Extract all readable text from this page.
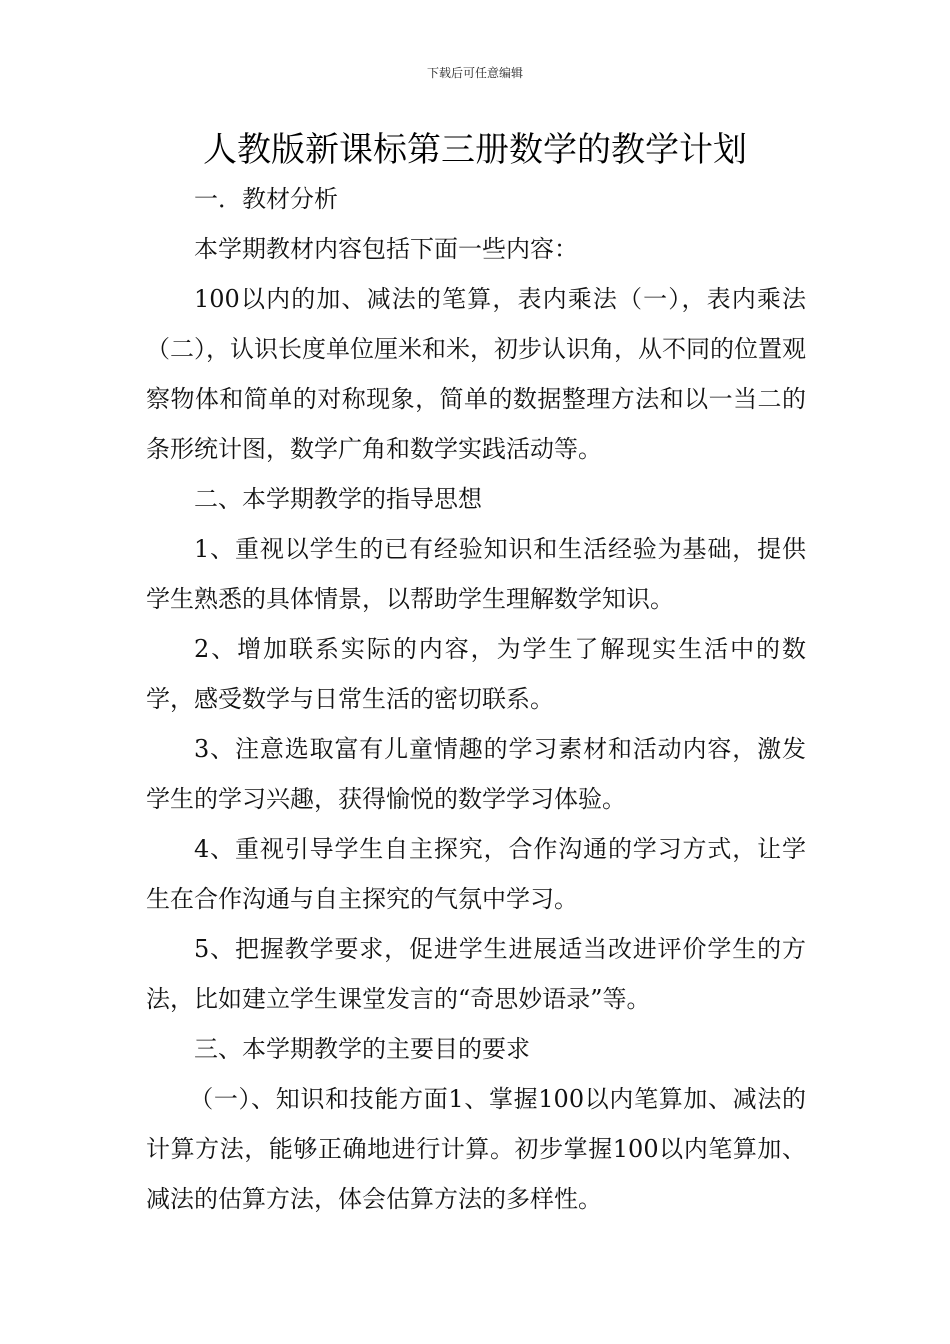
下载后可任意编辑
人教版新课标第三册数学的教学计划

一．教材分析

本学期教材内容包括下面一些内容：

100以内的加、减法的笔算，表内乘法（一），表内乘法（二），认识长度单位厘米和米，初步认识角，从不同的位置观察物体和简单的对称现象，简单的数据整理方法和以一当二的条形统计图，数学广角和数学实践活动等。

二、本学期教学的指导思想

1、重视以学生的已有经验知识和生活经验为基础，提供学生熟悉的具体情景，以帮助学生理解数学知识。

2、增加联系实际的内容，为学生了解现实生活中的数学，感受数学与日常生活的密切联系。

3、注意选取富有儿童情趣的学习素材和活动内容，激发学生的学习兴趣，获得愉悦的数学学习体验。

4、重视引导学生自主探究，合作沟通的学习方式，让学生在合作沟通与自主探究的气氛中学习。

5、把握教学要求，促进学生进展适当改进评价学生的方法，比如建立学生课堂发言的“奇思妙语录”等。

三、本学期教学的主要目的要求

（一）、知识和技能方面1、掌握100以内笔算加、减法的计算方法，能够正确地进行计算。初步掌握100以内笔算加、减法的估算方法，体会估算方法的多样性。
